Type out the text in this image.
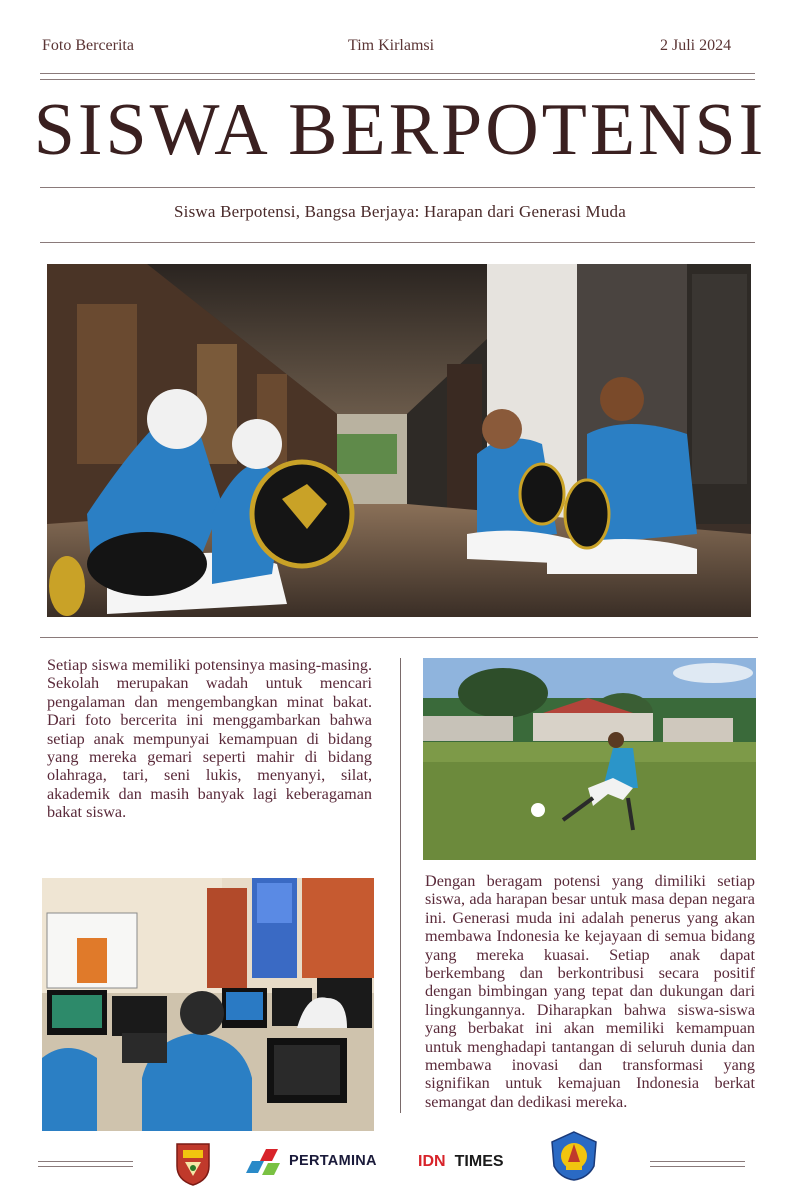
Foto Bercerita	Tim Kirlamsi	2 Juli 2024
SISWA BERPOTENSI
Siswa Berpotensi, Bangsa Berjaya: Harapan dari Generasi Muda

Setiap siswa memiliki potensinya masing-masing. Sekolah merupakan wadah untuk mencari pengalaman dan mengembangkan minat bakat. Dari foto bercerita ini menggambarkan bahwa setiap anak mempunyai kemampuan di bidang yang mereka gemari seperti mahir di bidang olahraga, tari, seni lukis, menyanyi, silat, akademik dan masih banyak lagi keberagaman bakat siswa.

Dengan beragam potensi yang dimiliki setiap siswa, ada harapan besar untuk masa depan negara ini. Generasi muda ini adalah penerus yang akan membawa Indonesia ke kejayaan di semua bidang yang mereka kuasai. Setiap anak dapat berkembang dan berkontribusi secara positif dengan bimbingan yang tepat dan dukungan dari lingkungannya. Diharapkan bahwa siswa-siswa yang berbakat ini akan memiliki kemampuan untuk menghadapi tantangan di seluruh dunia dan membawa inovasi dan transformasi yang signifikan untuk kemajuan Indonesia berkat semangat dan dedikasi mereka.

PERTAMINA	IDN TIMES
